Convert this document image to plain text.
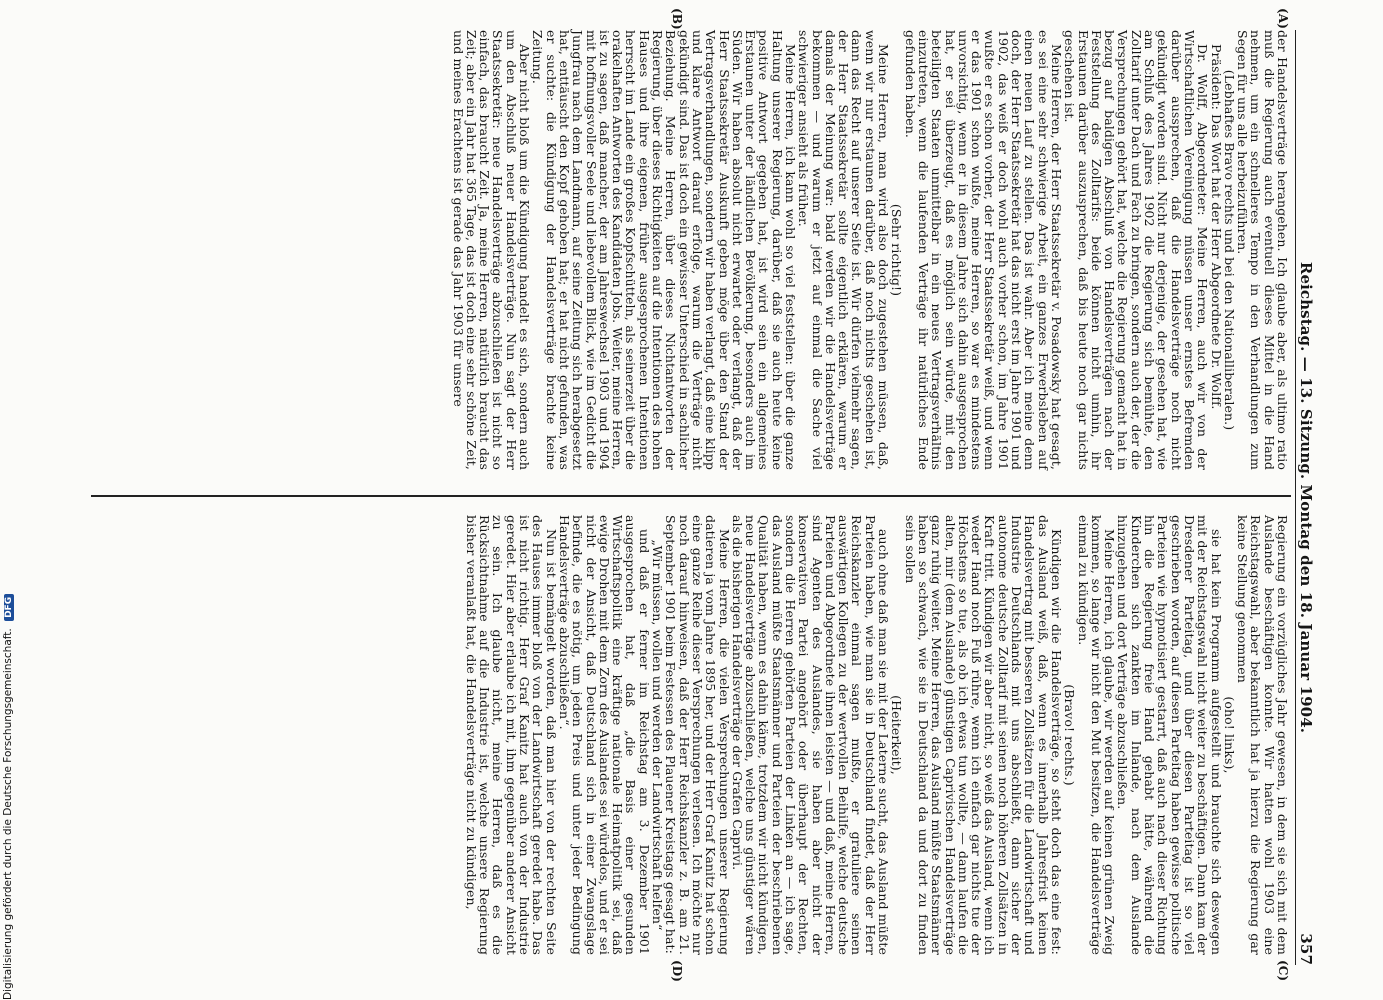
Reichstag. — 13. Sitzung. Montag den 18. Januar 1904.
357

der Handelsverträge herangehen. Ich glaube aber, als ultimo ratio muß die Regierung auch eventuell dieses Mittel in die Hand nehmen, um ein schnelleres Tempo in den Verhandlungen zum Segen für uns alle herbeizuführen.

(Lebhaftes Bravo rechts und bei den Nationalliberalen.)

Präsident: Das Wort hat der Herr Abgeordnete Dr. Wolff.

Dr. Wolff, Abgeordneter: Meine Herren, auch wir von der Wirtschaftlichen Vereinigung müssen unser ernstes Befremden darüber aussprechen, daß die Handelsverträge noch nicht gekündigt worden sind. Nicht nur derjenige, der gesehen hat, wie am Schluß des Jahres 1902 die Regierung sich bemühte, den Zolltarif unter Dach und Fach zu bringen, sondern auch der, der die Versprechungen gehört hat, welche die Regierung gemacht hat in bezug auf baldigen Abschluß von Handelsverträgen nach der Feststellung des Zolltarifs: beide können nicht umhin, ihr Erstaunen darüber auszusprechen, daß bis heute noch gar nichts geschehen ist.

Meine Herren, der Herr Staatssekretär v. Posadowsky hat gesagt, es sei eine sehr schwierige Arbeit, ein ganzes Erwerbsleben auf einen neuen Lauf zu stellen. Das ist wahr. Aber ich meine denn doch, der Herr Staatssekretär hat das nicht erst im Jahre 1901 und 1902, das weiß er doch wohl auch vorher schon, im Jahre 1901 wußte er es schon vorher, der Herr Staatssekretär weiß, und wenn er das 1901 schon wußte, meine Herren, so war es mindestens unvorsichtig, wenn er in diesem Jahre sich dahin ausgesprochen hat, er sei überzeugt, daß es möglich sein würde, mit den beteiligten Staaten unmittelbar in ein neues Vertragsverhältnis einzutreten, wenn die laufenden Verträge ihr natürliches Ende gefunden haben.

(Sehr richtig!)

Meine Herren, man wird also doch zugestehen müssen, daß, wenn wir nur erstaunen darüber, daß noch nichts geschehen ist, dann das Recht auf unserer Seite ist. Wir dürfen vielmehr sagen, der Herr Staatssekretär sollte eigentlich erklären, warum er damals der Meinung war: bald werden wir die Handelsverträge bekommen — und warum er jetzt auf einmal die Sache viel schwieriger ansieht als früher.

Meine Herren, ich kann wohl so viel feststellen: über die ganze Haltung unserer Regierung, darüber, daß sie auch heute keine positive Antwort gegeben hat, ist wird sein ein allgemeines Erstaunen unter der ländlichen Bevölkerung, besonders auch im Süden. Wir haben absolut nicht erwartet oder verlangt, daß der Herr Staatssekretär Auskunft geben möge über den Stand der Vertragsverhandlungen, sondern wir haben verlangt, daß eine klipp und klare Antwort darauf erfolge, warum die Verträge nicht gekündigt sind. Das ist doch ein gewisser Unterschied in sachlicher Beziehung. Meine Herren, über dieses Nichtantworten der Regierung, über dieses Richtigkeiten auf die Intentionen des hohen Hauses und ihre eigenen, früher ausgesprochenen Intentionen herrscht im Lande ein großes Kopfschütteln, als seinerzeit über die orakelhaften Antworten des Kandidaten Jobs. Weiter, meine Herren, ist zu sagen, daß mancher, der am Jahreswechsel 1903 und 1904 mit hoffnungsvoller Seele und liebevollem Blick, wie im Gedicht die Jungfrau nach dem Landmann, auf seine Zeitung sich herabgesetzt hat, enttäuscht den Kopf gehoben hat; er hat nicht gefunden, was er suchte: die Kündigung der Handelsverträge brachte keine Zeitung.

Aber nicht bloß um die Kündigung handelt es sich, sondern auch um den Abschluß neuer Handelsverträge. Nun sagt der Herr Staatssekretär: neue Handelsverträge abzuschließen ist nicht so einfach, das braucht Zeit. Ja, meine Herren, natürlich braucht das Zeit; aber ein Jahr hat 365 Tage, das ist doch eine sehr schöne Zeit, und meines Erachtens ist gerade das Jahr 1903 für unsere

Regierung ein vorzügliches Jahr gewesen, in dem sie sich mit dem Auslande beschäftigen konnte. Wir hatten wohl 1903 eine Reichstagswahl, aber bekanntlich hat ja hierzu die Regierung gar keine Stellung genommen

(oho! links),

sie hat kein Programm aufgestellt und brauchte sich deswegen mit der Reichstagswahl nicht weiter zu beschäftigen. Dann kam der Dresdener Parteitag, und über diesen Parteitag ist so viel geschrieben worden, auf diesen Parteitag haben gewisse politische Parteien wie hypnotisiert gestarrt, daß auch nach dieser Richtung hin die Regierung freie Hand gehabt hätte, während die Kinderchen sich zankten im Inlande, nach dem Auslande hinzugehen und dort Verträge abzuschließen.

Meine Herren, ich glaube, wir werden auf keinen grünen Zweig kommen, so lange wir nicht den Mut besitzen, die Handelsverträge einmal zu kündigen.

(Bravo! rechts.)

Kündigen wir die Handelsverträge, so steht doch das eine fest: das Ausland weiß, daß, wenn es innerhalb Jahresfrist keinen Handelsvertrag mit besseren Zollsätzen für die Landwirtschaft und Industrie Deutschlands mit uns abschließt, dann sicher der autonome deutsche Zolltarif mit seinen noch höheren Zollsätzen in Kraft tritt. Kündigen wir aber nicht, so weiß das Ausland, wenn ich weder Hand noch Fuß rühre, wenn ich einfach gar nichts tue der Höchstens so tue, als ob ich etwas tun wollte, — dann laufen die alten, mir (dem Auslande) günstigen Caprivischen Handelsverträge ganz ruhig weiter. Meine Herren, das Ausland müßte Staatsmänner haben so schwach, wie sie in Deutschland da und dort zu finden sein sollen

(Heiterkeit),

auch ohne daß man sie mit der Laterne sucht, das Ausland müßte Parteien haben, wie man sie in Deutschland findet, daß der Herr Reichskanzler einmal sagen mußte, er gratuliere seinen auswärtigen Kollegen zu der wertvollen Beihilfe, welche deutsche Parteien und Abgeordnete ihnen leisten — und daß, meine Herren, sind Agenten des Auslandes, sie haben aber nicht der konservativen Partei angehört oder überhaupt der Rechten, sondern die Herren gehörten Parteien der Linken an — ich sage, das Ausland müßte Staatsmänner und Parteien der beschriebenen Qualität haben, wenn es dahin käme, trotzdem wir nicht kündigen, neue Handelsverträge abzuschließen, welche uns günstiger wären als die bisherigen Handelsverträge der Grafen Caprivi.

Meine Herren, die vielen Versprechungen unserer Regierung datieren ja vom Jahre 1895 her, und der Herr Graf Kanitz hat schon eine ganze Reihe dieser Versprechungen verlesen. Ich möchte nur noch darauf hinweisen, daß der Herr Reichskanzler z. B. am 21. September 1901 beim Festessen des Plauener Kreistags gesagt hat:

„Wir müssen, wollen und werden der Landwirtschaft helfen“

und daß er ferner im Reichstag am 3. Dezember 1901 ausgesprochen hat, daß „die Basis einer gesunden Wirtschaftspolitik eine kräftige nationale Heimatpolitik sei, daß ewige Drohen mit dem Zorn des Auslandes sei würdelos, und er sei nicht der Ansicht, daß Deutschland sich in einer Zwangslage befinde, die es nötig, um jeden Preis und unter jeder Bedingung Handelsverträge abzuschließen“.

Nun ist bemängelt worden, daß man hier von der rechten Seite des Hauses immer bloß von der Landwirtschaft geredet habe. Das ist nicht richtig. Herr Graf Kanitz hat auch von der Industrie geredet. Hier aber erlaube ich mit, ihm gegenüber anderer Ansicht zu sein. Ich glaube nicht, meine Herren, daß es die Rücksichtnahme auf die Industrie ist, welche unsere Regierung bisher veranlaßt hat, die Handelsverträge nicht zu kündigen,

(A)
(B)
(C)
(D)
Digitalisierung gefördert durch die Deutsche Forschungsgemeinschaft. DFG
